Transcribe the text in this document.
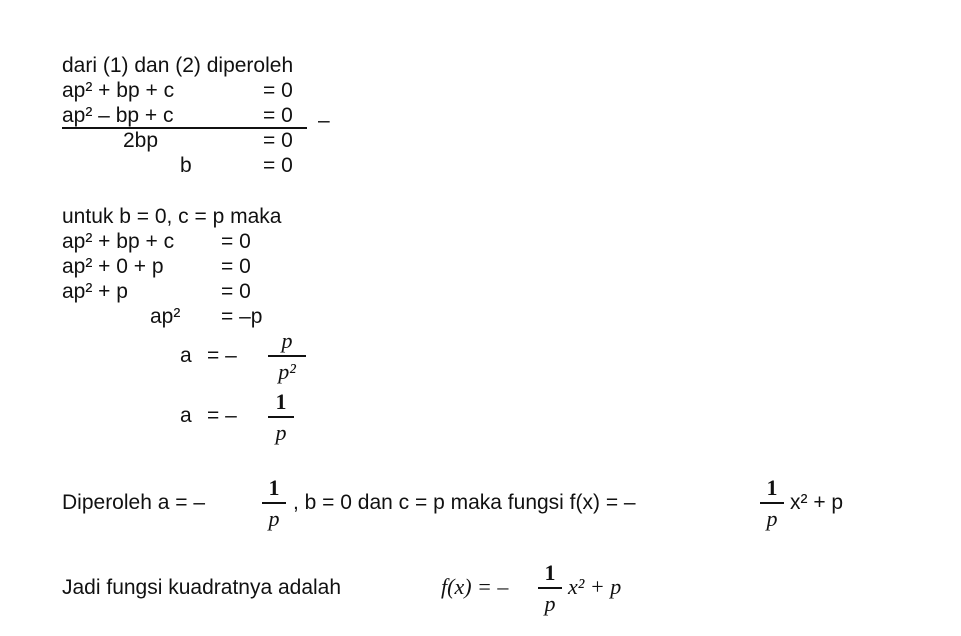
dari (1) dan (2) diperoleh
ap² + bp + c	= 0
ap² – bp + c	= 0 –
2bp	= 0
b	= 0
untuk b = 0, c = p maka
ap² + bp + c = 0
ap² + 0 + p	= 0
ap² + p	= 0
ap² = –p
a = –
p
p²
a = –
1
p
Diperoleh a = –
1
p
, b = 0 dan c = p maka fungsi f(x) = –
1
p
x² + p
Jadi fungsi kuadratnya adalah	f(x) = –
1
p
x² + p
